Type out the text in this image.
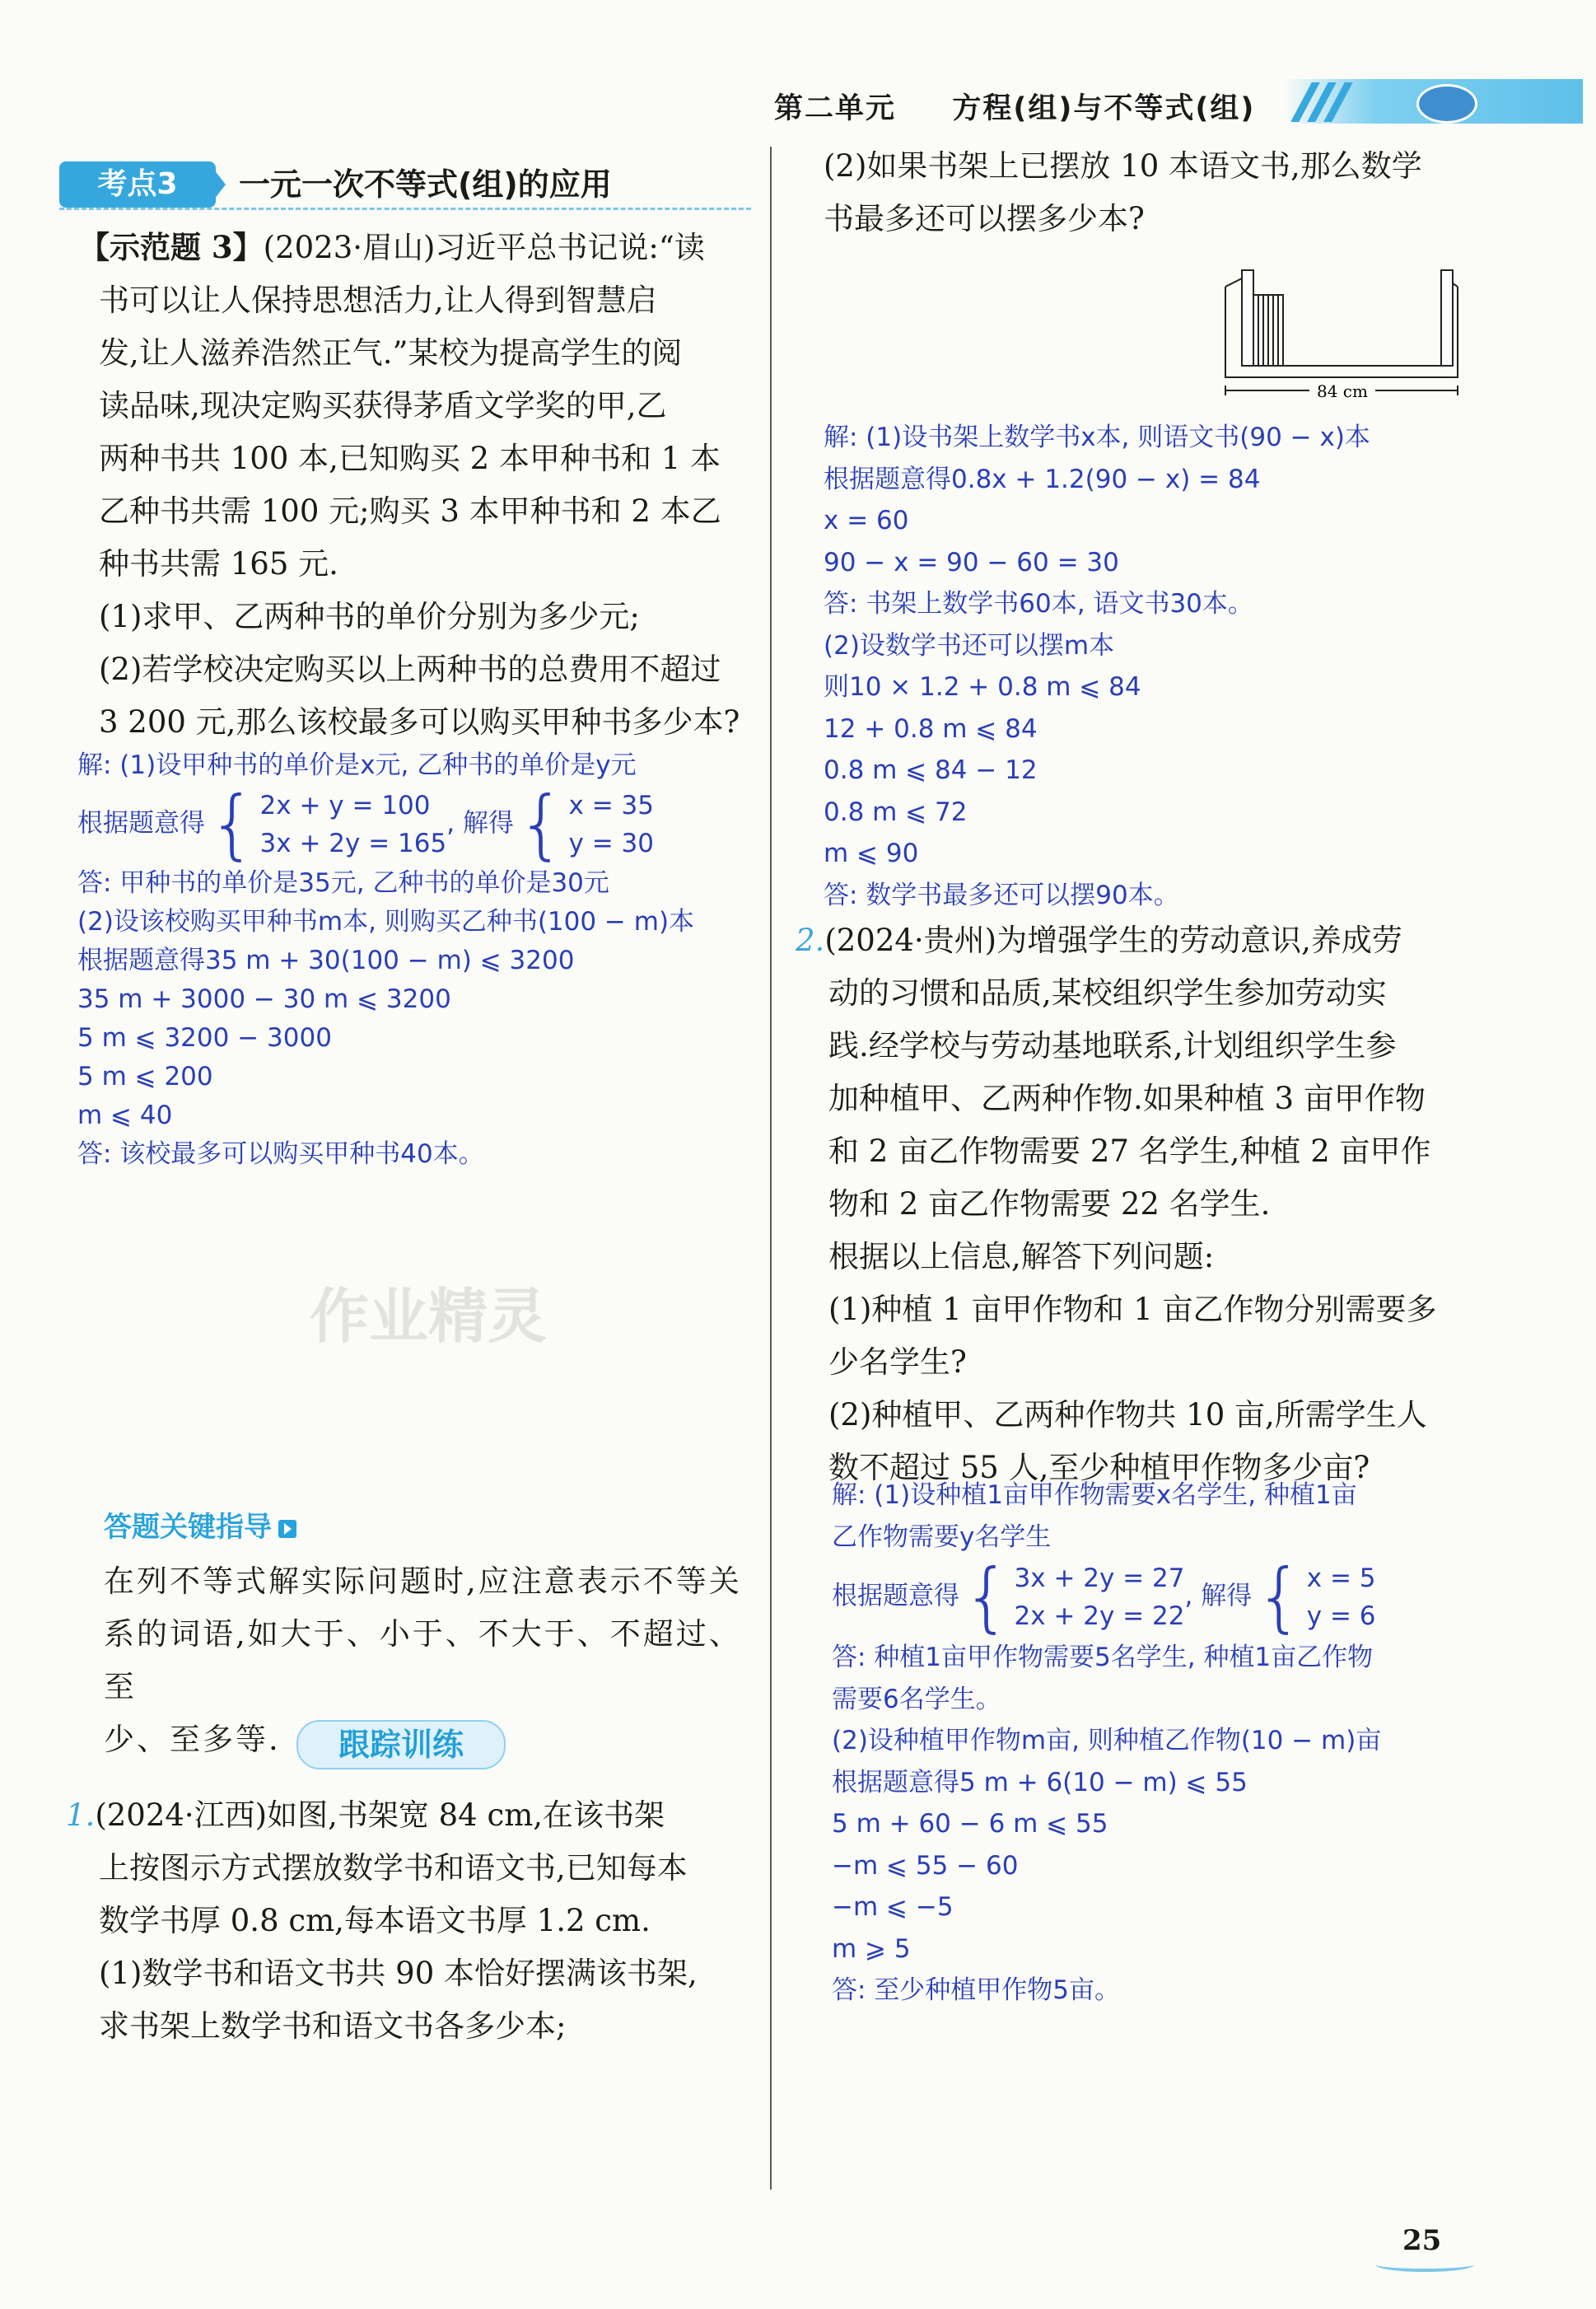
第二单元 方程(组)与不等式(组)
考点3	一元一次不等式(组)的应用
【示范题 3】(2023·眉山)习近平总书记说:“读
书可以让人保持思想活力,让人得到智慧启
发,让人滋养浩然正气.”某校为提高学生的阅
读品味,现决定购买获得茅盾文学奖的甲,乙
两种书共 100 本,已知购买 2 本甲种书和 1 本
乙种书共需 100 元;购买 3 本甲种书和 2 本乙
种书共需 165 元.
(1)求甲、乙两种书的单价分别为多少元;
(2)若学校决定购买以上两种书的总费用不超过
3 200 元,那么该校最多可以购买甲种书多少本?
解: (1)设甲种书的单价是x元, 乙种书的单价是y元
根据题意得{ 2x + y = 100
3x + 2y = 165, 解得{ x = 35
y = 30
答: 甲种书的单价是35元, 乙种书的单价是30元
(2)设该校购买甲种书m本, 则购买乙种书(100 − m)本
根据题意得35 m + 30(100 − m) ⩽ 3200
35 m + 3000 − 30 m ⩽ 3200
5 m ⩽ 3200 − 3000
5 m ⩽ 200
m ⩽ 40
答: 该校最多可以购买甲种书40本。
作业精灵
答题关键指导
在列不等式解实际问题时,应注意表示不等关
系的词语,如大于、小于、不大于、不超过、至
少、至多等.	跟踪训练
1.(2024·江西)如图,书架宽 84 cm,在该书架
上按图示方式摆放数学书和语文书,已知每本
数学书厚 0.8 cm,每本语文书厚 1.2 cm.
(1)数学书和语文书共 90 本恰好摆满该书架,
求书架上数学书和语文书各多少本;
(2)如果书架上已摆放 10 本语文书,那么数学
书最多还可以摆多少本?
84 cm
解: (1)设书架上数学书x本, 则语文书(90 − x)本
根据题意得0.8x + 1.2(90 − x) = 84
x = 60
90 − x = 90 − 60 = 30
答: 书架上数学书60本, 语文书30本。
(2)设数学书还可以摆m本
则10 × 1.2 + 0.8 m ⩽ 84
12 + 0.8 m ⩽ 84
0.8 m ⩽ 84 − 12
0.8 m ⩽ 72
m ⩽ 90
答: 数学书最多还可以摆90本。
2.(2024·贵州)为增强学生的劳动意识,养成劳
动的习惯和品质,某校组织学生参加劳动实
践.经学校与劳动基地联系,计划组织学生参
加种植甲、乙两种作物.如果种植 3 亩甲作物
和 2 亩乙作物需要 27 名学生,种植 2 亩甲作
物和 2 亩乙作物需要 22 名学生.
根据以上信息,解答下列问题:
(1)种植 1 亩甲作物和 1 亩乙作物分别需要多
少名学生?
(2)种植甲、乙两种作物共 10 亩,所需学生人
数不超过 55 人,至少种植甲作物多少亩?
解: (1)设种植1亩甲作物需要x名学生, 种植1亩
乙作物需要y名学生
根据题意得{ 3x + 2y = 27
2x + 2y = 22, 解得{ x = 5
y = 6
答: 种植1亩甲作物需要5名学生, 种植1亩乙作物
需要6名学生。
(2)设种植甲作物m亩, 则种植乙作物(10 − m)亩
根据题意得5 m + 6(10 − m) ⩽ 55
5 m + 60 − 6 m ⩽ 55
−m ⩽ 55 − 60
−m ⩽ −5
m ⩾ 5
答: 至少种植甲作物5亩。
25
